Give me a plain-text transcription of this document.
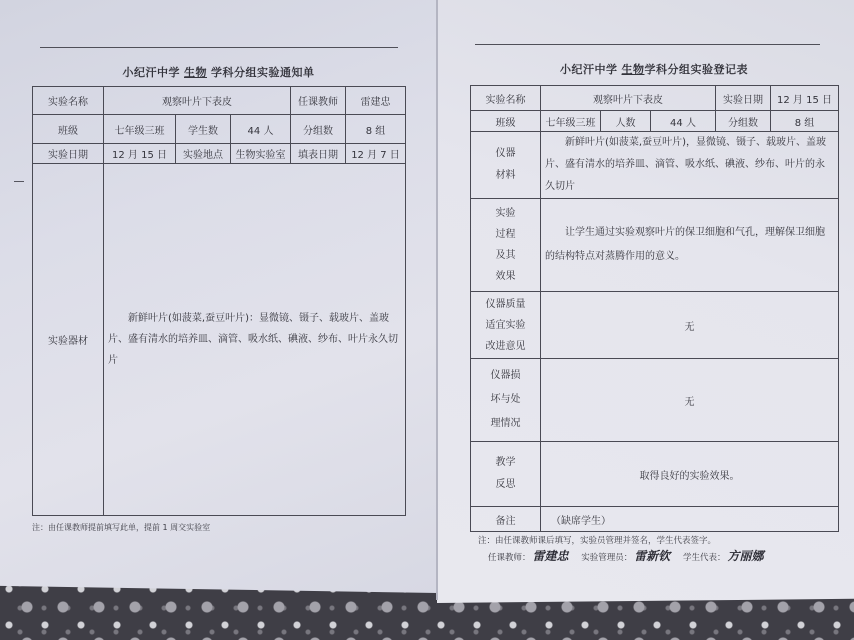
小纪汗中学 生物 学科分组实验通知单
实验名称	观察叶片下表皮			任课教师	雷建忠
班级	七年级三班	学生数	44 人	分组数	8 组
实验日期	12 月 15 日	实验地点	生物实验室	填表日期	12 月 7 日
实验器材	新鲜叶片(如菠菜,蚕豆叶片)：显微镜、镊子、载玻片、盖玻片、盛有清水的培养皿、滴管、吸水纸、碘液、纱布、叶片永久切片				
注：由任课教师提前填写此单，提前 1 周交实验室
小纪汗中学 生物学科分组实验登记表
实验名称	观察叶片下表皮			实验日期	12 月 15 日
班级	七年级三班	人数	44 人	分组数	8 组
仪器材料	新鲜叶片(如菠菜,蚕豆叶片)，显微镜、镊子、载玻片、盖玻片、盛有清水的培养皿、滴管、吸水纸、碘液、纱布、叶片的永久切片				
实验过程及其效果	让学生通过实验观察叶片的保卫细胞和气孔，理解保卫细胞的结构特点对蒸腾作用的意义。				
仪器质量适宜实验改进意见	无				
仪器损坏与处理情况	无				
教学反思	取得良好的实验效果。				
备注	（缺席学生）				
注：由任课教师课后填写，实验员管理并签名，学生代表签字。
任课教师： 雷建忠 实验管理员： 雷新钦 学生代表： 方丽娜
